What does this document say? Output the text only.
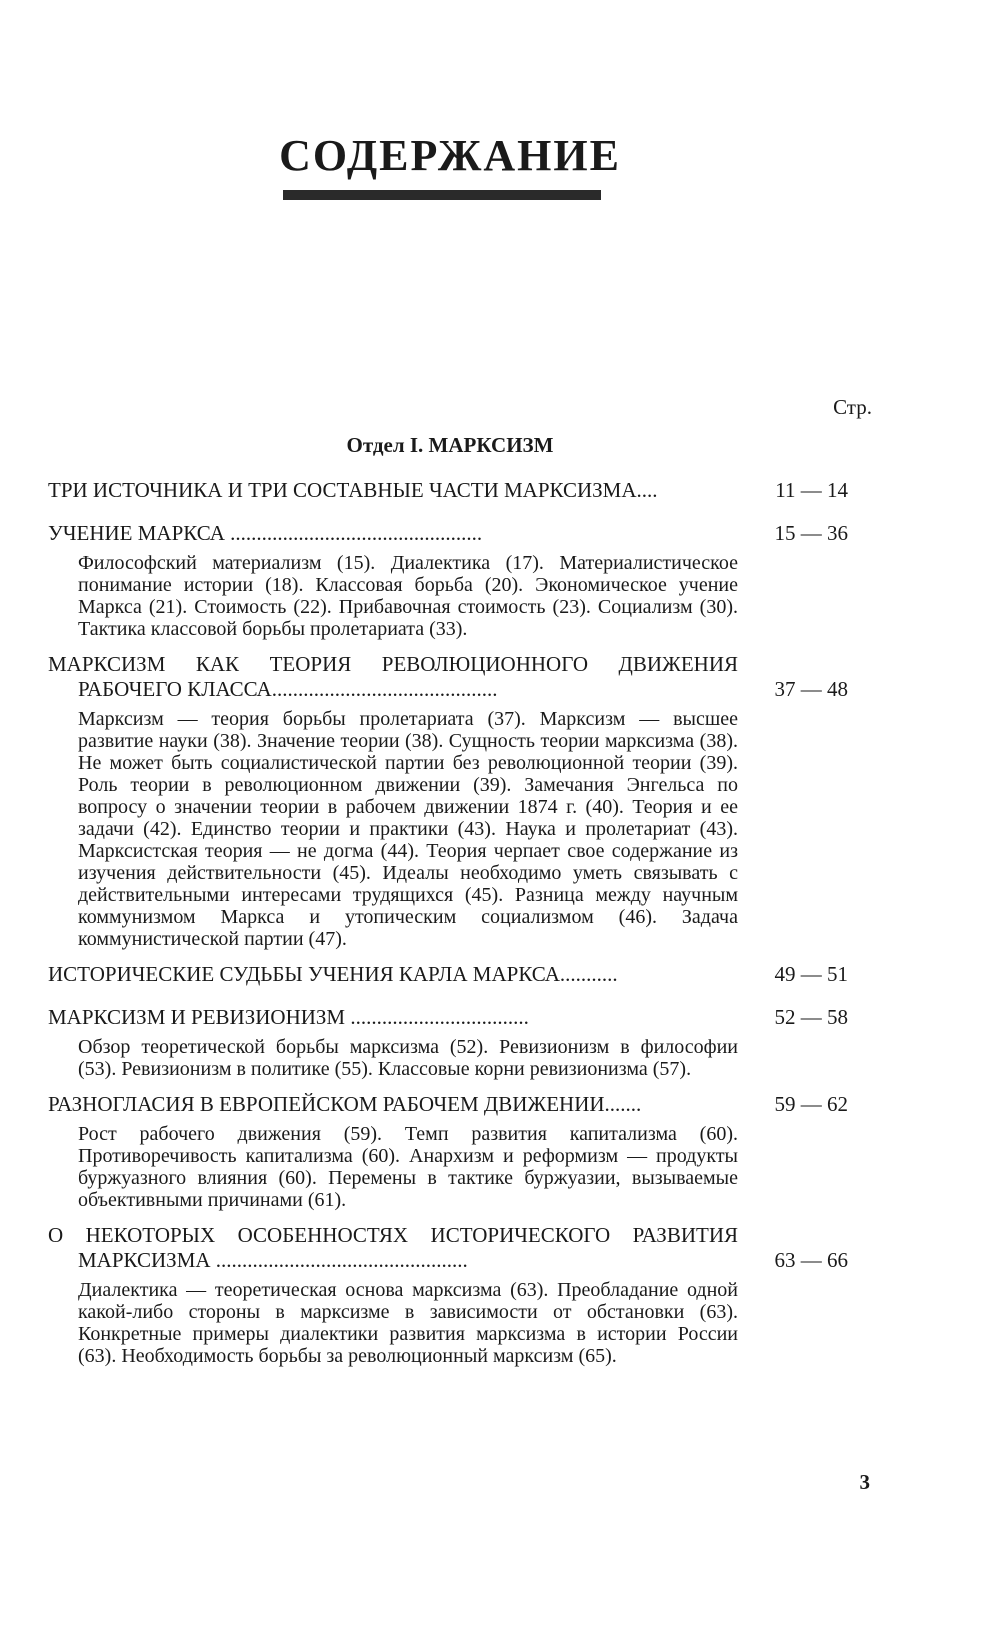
СОДЕРЖАНИЕ
Стр.
Отдел I. МАРКСИЗМ
ТРИ ИСТОЧНИКА И ТРИ СОСТАВНЫЕ ЧАСТИ МАРКСИЗМА....	11 — 14
УЧЕНИЕ МАРКСА ................................................	15 — 36

Философский материализм (15). Диалектика (17). Материалистическое понимание истории (18). Классовая борьба (20). Экономическое учение Маркса (21). Стоимость (22). Прибавочная стоимость (23). Социализм (30). Тактика классовой борьбы пролетариата (33).

МАРКСИЗМ КАК ТЕОРИЯ РЕВОЛЮЦИОННОГО ДВИЖЕНИЯ
РАБОЧЕГО КЛАССА...........................................	37 — 48

Марксизм — теория борьбы пролетариата (37). Марксизм — высшее развитие науки (38). Значение теории (38). Сущность теории марксизма (38). Не может быть социалистической партии без революционной теории (39). Роль теории в революционном движении (39). Замечания Энгельса по вопросу о значении теории в рабочем движении 1874 г. (40). Теория и ее задачи (42). Единство теории и практики (43). Наука и пролетариат (43). Марксистская теория — не догма (44). Теория черпает свое содержание из изучения действительности (45). Идеалы необходимо уметь связывать с действительными интересами трудящихся (45). Разница между научным коммунизмом Маркса и утопическим социализмом (46). Задача коммунистической партии (47).

ИСТОРИЧЕСКИЕ СУДЬБЫ УЧЕНИЯ КАРЛА МАРКСА...........	49 — 51
МАРКСИЗМ И РЕВИЗИОНИЗМ ..................................	52 — 58

Обзор теоретической борьбы марксизма (52). Ревизионизм в философии (53). Ревизионизм в политике (55). Классовые корни ревизионизма (57).

РАЗНОГЛАСИЯ В ЕВРОПЕЙСКОМ РАБОЧЕМ ДВИЖЕНИИ.......	59 — 62

Рост рабочего движения (59). Темп развития капитализма (60). Противоречивость капитализма (60). Анархизм и реформизм — продукты буржуазного влияния (60). Перемены в тактике буржуазии, вызываемые объективными причинами (61).

О НЕКОТОРЫХ ОСОБЕННОСТЯХ ИСТОРИЧЕСКОГО РАЗВИТИЯ
МАРКСИЗМА ................................................	63 — 66

Диалектика — теоретическая основа марксизма (63). Преобладание одной какой-либо стороны в марксизме в зависимости от обстановки (63). Конкретные примеры диалектики развития марксизма в истории России (63). Необходимость борьбы за революционный марксизм (65).

3
